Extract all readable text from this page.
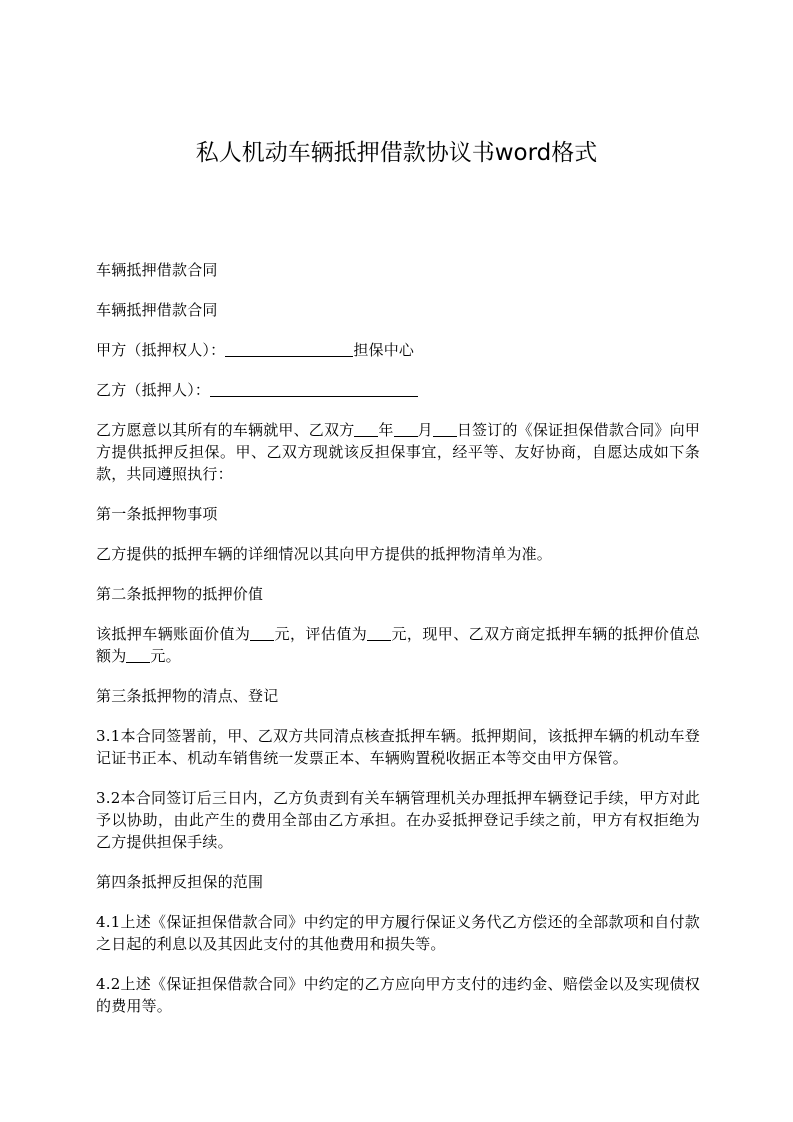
私人机动车辆抵押借款协议书word格式

车辆抵押借款合同

车辆抵押借款合同

甲方（抵押权人）：	担保中心

乙方（抵押人）：

乙方愿意以其所有的车辆就甲、乙双方 年 月 日签订的《保证担保借款合同》向甲方提供抵押反担保。甲、乙双方现就该反担保事宜，经平等、友好协商，自愿达成如下条款，共同遵照执行：

第一条抵押物事项

乙方提供的抵押车辆的详细情况以其向甲方提供的抵押物清单为准。

第二条抵押物的抵押价值

该抵押车辆账面价值为 元，评估值为 元，现甲、乙双方商定抵押车辆的抵押价值总额为 元。

第三条抵押物的清点、登记

3.1本合同签署前，甲、乙双方共同清点核查抵押车辆。抵押期间，该抵押车辆的机动车登记证书正本、机动车销售统一发票正本、车辆购置税收据正本等交由甲方保管。

3.2本合同签订后三日内，乙方负责到有关车辆管理机关办理抵押车辆登记手续，甲方对此予以协助，由此产生的费用全部由乙方承担。在办妥抵押登记手续之前，甲方有权拒绝为乙方提供担保手续。

第四条抵押反担保的范围

4.1上述《保证担保借款合同》中约定的甲方履行保证义务代乙方偿还的全部款项和自付款之日起的利息以及其因此支付的其他费用和损失等。

4.2上述《保证担保借款合同》中约定的乙方应向甲方支付的违约金、赔偿金以及实现债权的费用等。
